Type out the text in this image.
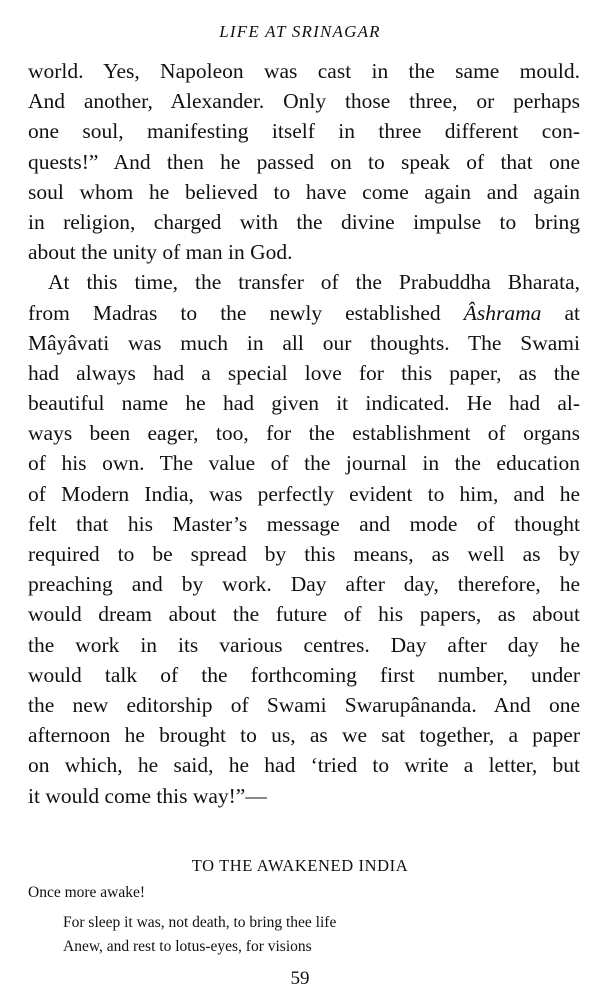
LIFE AT SRINAGAR
world. Yes, Napoleon was cast in the same mould.
And another, Alexander. Only those three, or perhaps
one soul, manifesting itself in three different con-
quests!” And then he passed on to speak of that one
soul whom he believed to have come again and again
in religion, charged with the divine impulse to bring
about the unity of man in God.
At this time, the transfer of the Prabuddha Bharata,
from Madras to the newly established Âshrama at
Mâyâvati was much in all our thoughts. The Swami
had always had a special love for this paper, as the
beautiful name he had given it indicated. He had al-
ways been eager, too, for the establishment of organs
of his own. The value of the journal in the education
of Modern India, was perfectly evident to him, and he
felt that his Master’s message and mode of thought
required to be spread by this means, as well as by
preaching and by work. Day after day, therefore, he
would dream about the future of his papers, as about
the work in its various centres. Day after day he
would talk of the forthcoming first number, under
the new editorship of Swami Swarupânanda. And one
afternoon he brought to us, as we sat together, a paper
on which, he said, he had ‘tried to write a letter, but
it would come this way!”—
TO THE AWAKENED INDIA
Once more awake!
For sleep it was, not death, to bring thee life
Anew, and rest to lotus-eyes, for visions
59
